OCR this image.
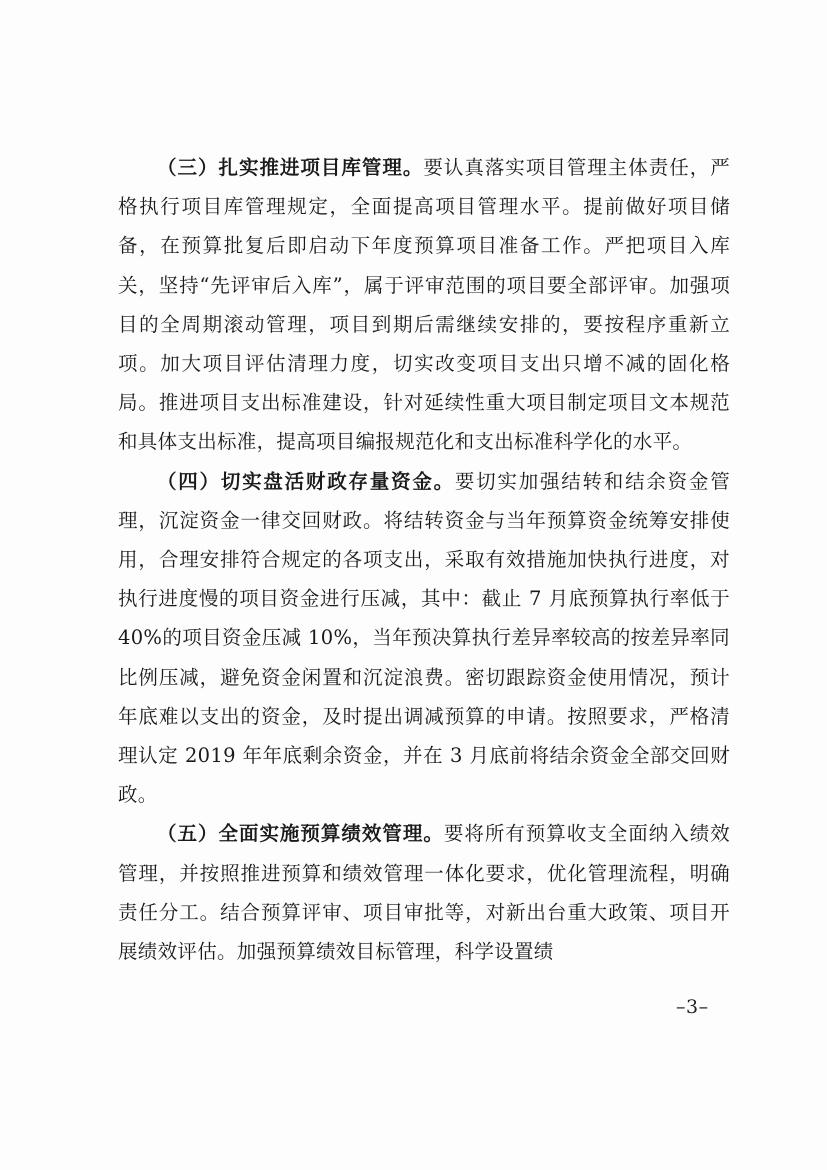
（三）扎实推进项目库管理。要认真落实项目管理主体责任，严格执行项目库管理规定，全面提高项目管理水平。提前做好项目储备，在预算批复后即启动下年度预算项目准备工作。严把项目入库关，坚持“先评审后入库”，属于评审范围的项目要全部评审。加强项目的全周期滚动管理，项目到期后需继续安排的，要按程序重新立项。加大项目评估清理力度，切实改变项目支出只增不减的固化格局。推进项目支出标准建设，针对延续性重大项目制定项目文本规范和具体支出标准，提高项目编报规范化和支出标准科学化的水平。

（四）切实盘活财政存量资金。要切实加强结转和结余资金管理，沉淀资金一律交回财政。将结转资金与当年预算资金统筹安排使用，合理安排符合规定的各项支出，采取有效措施加快执行进度，对执行进度慢的项目资金进行压减，其中：截止 7 月底预算执行率低于 40%的项目资金压减 10%，当年预决算执行差异率较高的按差异率同比例压减，避免资金闲置和沉淀浪费。密切跟踪资金使用情况，预计年底难以支出的资金，及时提出调减预算的申请。按照要求，严格清理认定 2019 年年底剩余资金，并在 3 月底前将结余资金全部交回财政。

（五）全面实施预算绩效管理。要将所有预算收支全面纳入绩效管理，并按照推进预算和绩效管理一体化要求，优化管理流程，明确责任分工。结合预算评审、项目审批等，对新出台重大政策、项目开展绩效评估。加强预算绩效目标管理，科学设置绩

–3–
